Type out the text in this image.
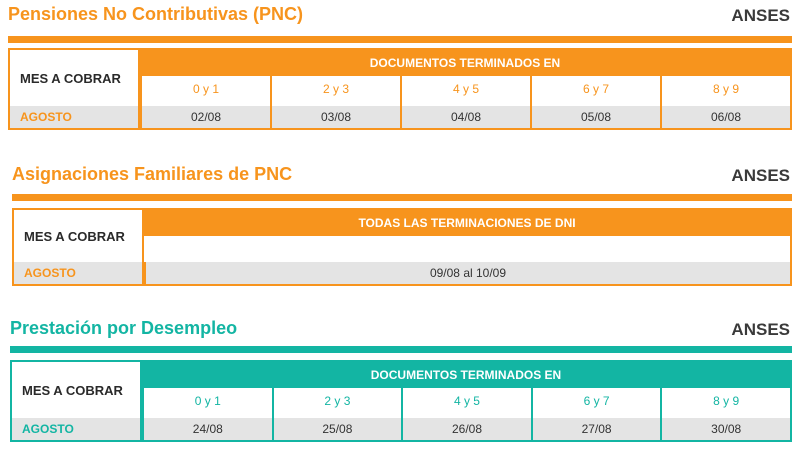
Pensiones No Contributivas (PNC)	ANSES
MES A COBRAR
DOCUMENTOS TERMINADOS EN
0 y 1	2 y 3	4 y 5	6 y 7	8 y 9
AGOSTO	02/08	03/08	04/08	05/08	06/08
Asignaciones Familiares de PNC	ANSES
MES A COBRAR
TODAS LAS TERMINACIONES DE DNI
AGOSTO	09/08 al 10/09
Prestación por Desempleo	ANSES
MES A COBRAR
DOCUMENTOS TERMINADOS EN
0 y 1	2 y 3	4 y 5	6 y 7	8 y 9
AGOSTO	24/08	25/08	26/08	27/08	30/08
